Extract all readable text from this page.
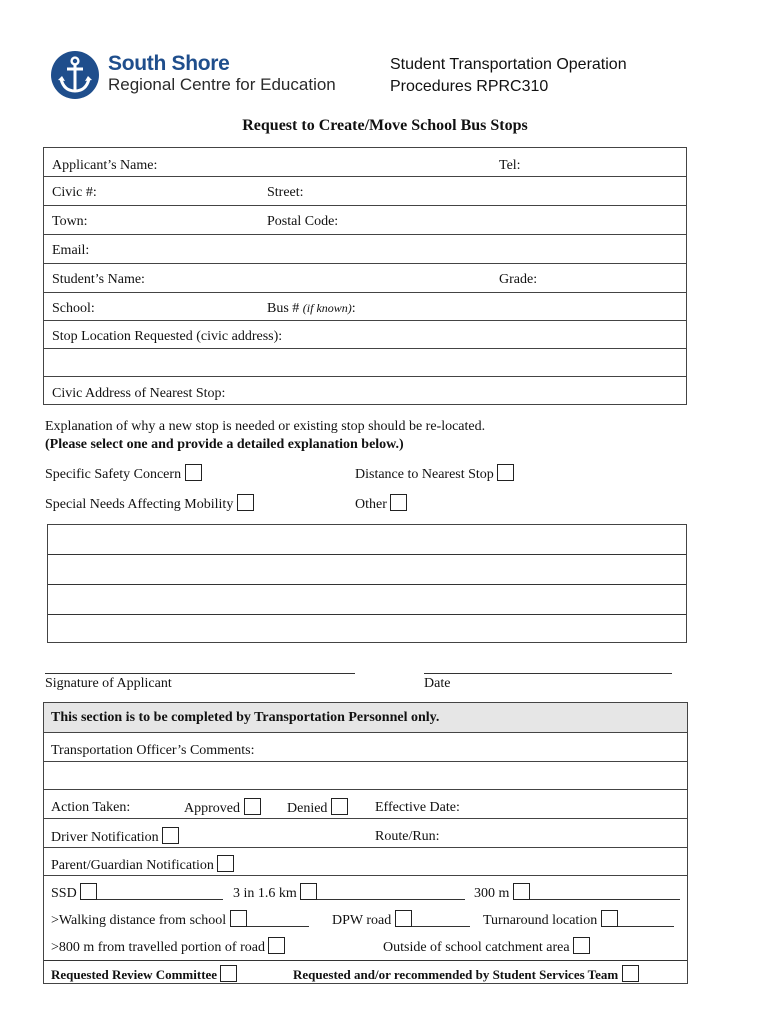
South Shore
Regional Centre for Education
Student Transportation Operation
Procedures RPRC310
Request to Create/Move School Bus Stops
Applicant’s Name:	Tel:
Civic #:	Street:
Town:	Postal Code:
Email:
Student’s Name:	Grade:
School:	Bus # (if known):
Stop Location Requested (civic address):
Civic Address of Nearest Stop:
Explanation of why a new stop is needed or existing stop should be re-located.
(Please select one and provide a detailed explanation below.)
Specific Safety Concern	Distance to Nearest Stop
Special Needs Affecting Mobility	Other
Signature of Applicant	Date
This section is to be completed by Transportation Personnel only.
Transportation Officer’s Comments:
Action Taken:	Approved	Denied	Effective Date:
Driver Notification	Route/Run:
Parent/Guardian Notification
SSD	3 in 1.6 km	300 m
>Walking distance from school	DPW road	Turnaround location
>800 m from travelled portion of road	Outside of school catchment area
Requested Review Committee	Requested and/or recommended by Student Services Team
